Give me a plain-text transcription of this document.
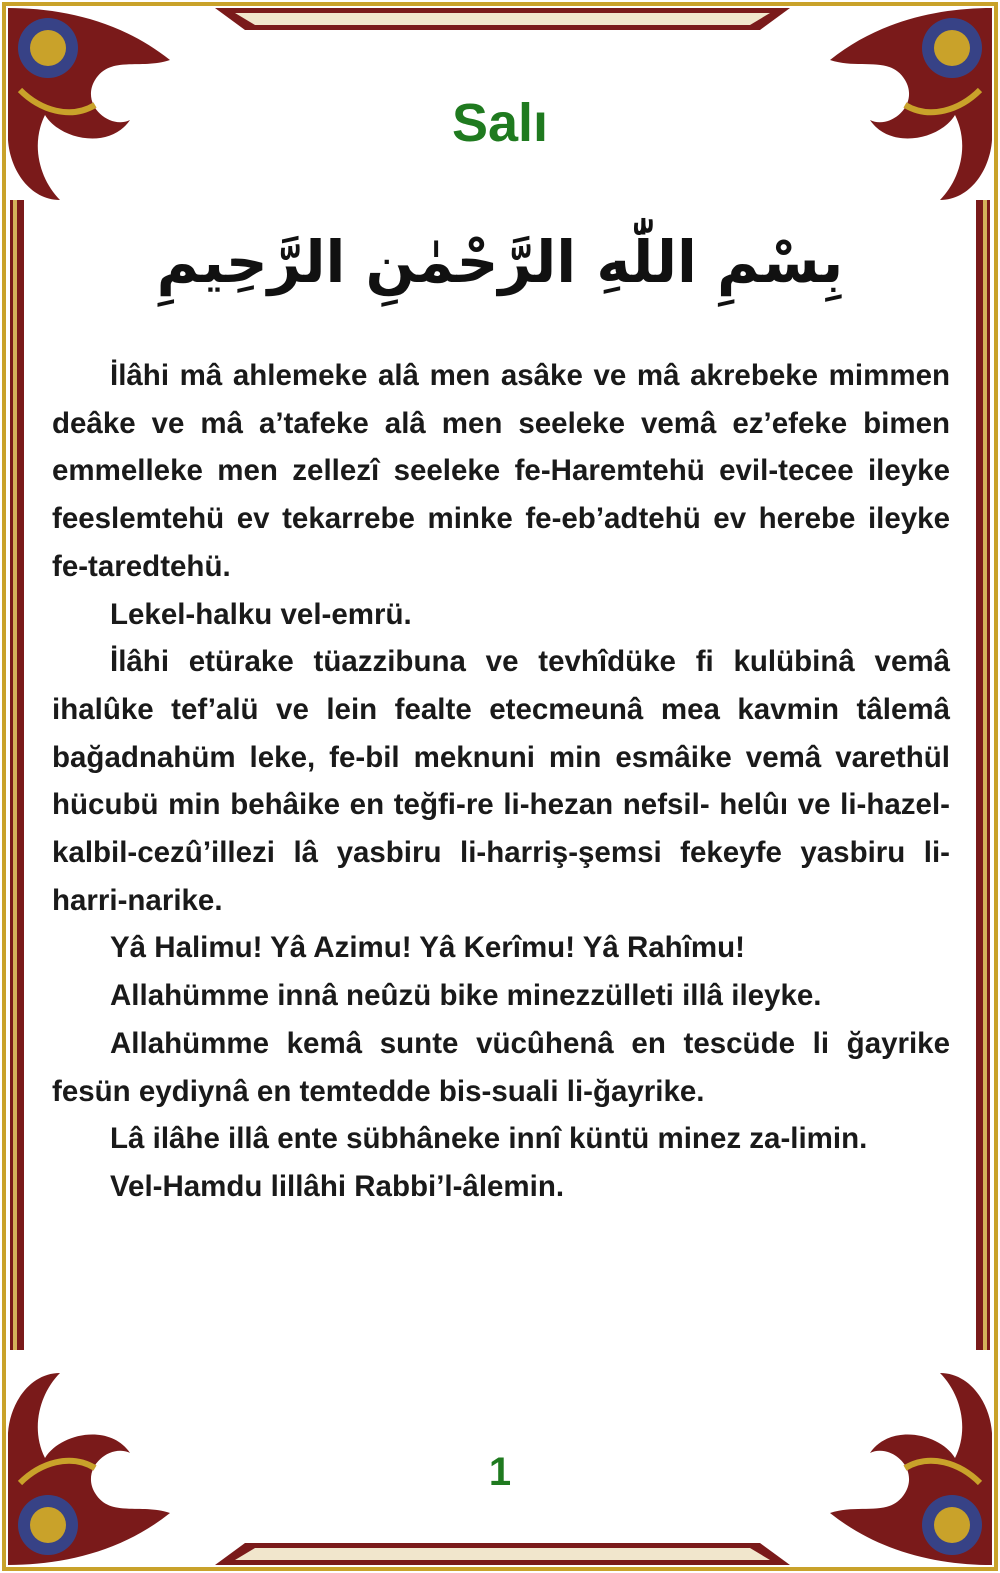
Salı
بِسْمِ اللّٰهِ الرَّحْمٰنِ الرَّحِيمِ

İlâhi mâ ahlemeke alâ men asâke ve mâ akrebeke mimmen deâke ve mâ a’tafeke alâ men seeleke vemâ ez’efeke bimen emmelleke men zellezî seeleke fe-Haremtehü evil-tecee ileyke feeslemtehü ev tekarrebe minke fe-eb’adtehü ev herebe ileyke fe-taredtehü.

Lekel-halku vel-emrü.

İlâhi etürake tüazzibuna ve tevhîdüke fi kulübinâ vemâ ihalûke tef’alü ve lein fealte etecmeunâ mea kavmin tâlemâ bağadnahüm leke, fe-bil meknuni min esmâike vemâ varethül hücubü min behâike en teğfi-re li-hezan nefsil- helûı ve li-hazel-kalbil-cezû’illezi lâ yasbiru li-harriş-şemsi fekeyfe yasbiru li-harri-narike.

Yâ Halimu! Yâ Azimu! Yâ Kerîmu! Yâ Rahîmu!

Allahümme innâ neûzü bike minezzülleti illâ ileyke.

Allahümme kemâ sunte vücûhenâ en tescüde li ğayrike fesün eydiynâ en temtedde bis-suali li-ğayrike.

Lâ ilâhe illâ ente sübhâneke innî küntü minez za-limin.

Vel-Hamdu lillâhi Rabbi’l-âlemin.

1
